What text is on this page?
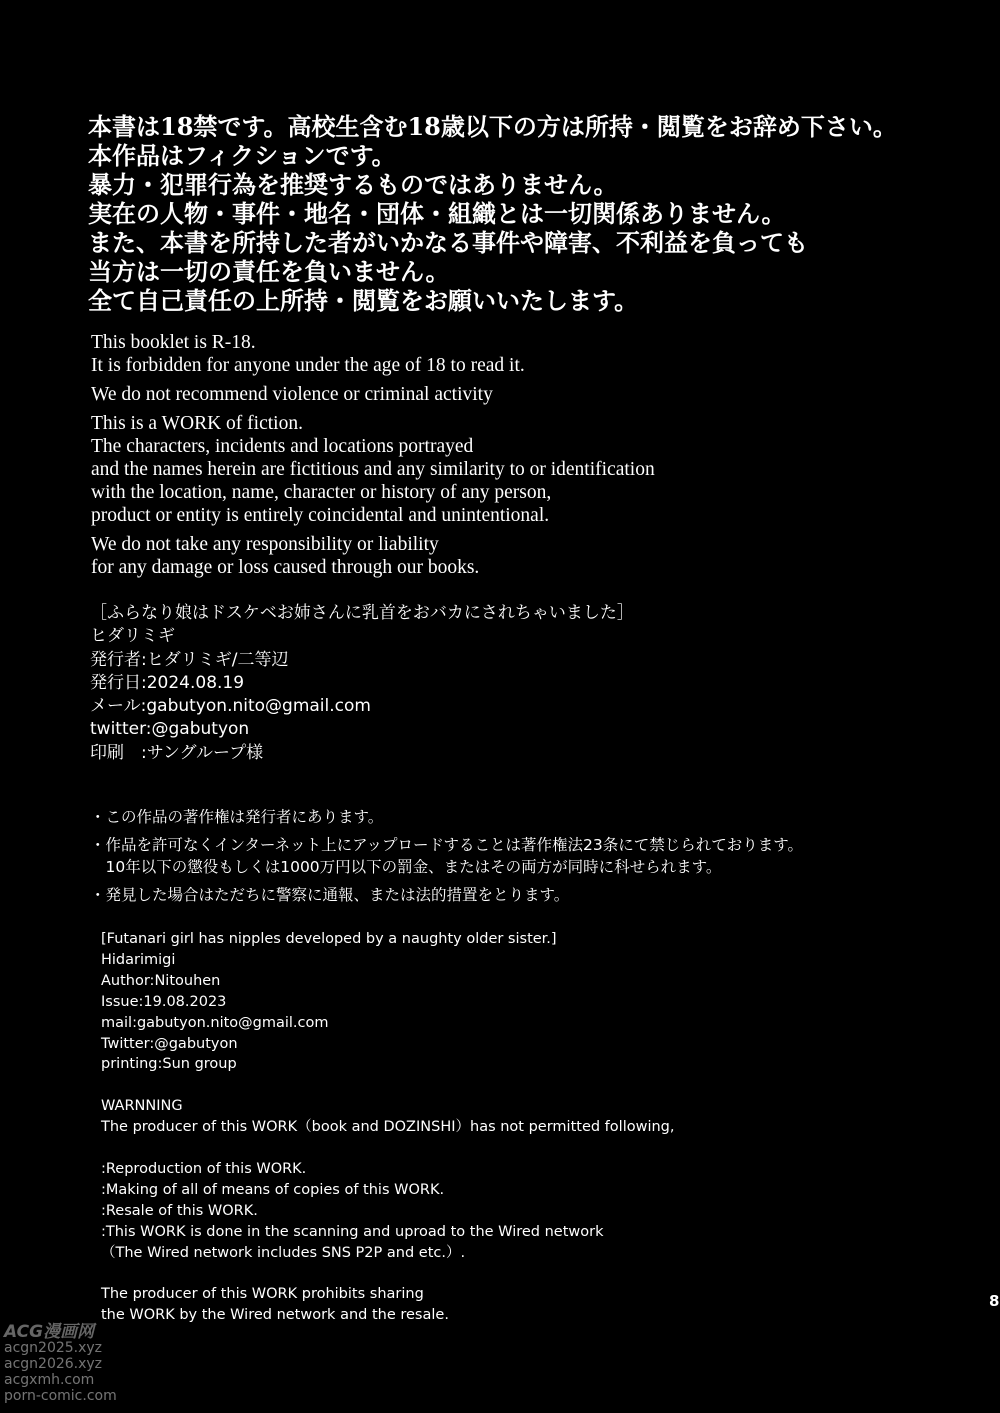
本書は18禁です。高校生含む18歳以下の方は所持・閲覧をお辞め下さい。
本作品はフィクションです。
暴力・犯罪行為を推奨するものではありません。
実在の人物・事件・地名・団体・組織とは一切関係ありません。
また、本書を所持した者がいかなる事件や障害、不利益を負っても
当方は一切の責任を負いません。
全て自己責任の上所持・閲覧をお願いいたします。
This booklet is R-18.
It is forbidden for anyone under the age of 18 to read it.
We do not recommend violence or criminal activity
This is a WORK of fiction.
The characters, incidents and locations portrayed
and the names herein are fictitious and any similarity to or identification
with the location, name, character or history of any person,
product or entity is entirely coincidental and unintentional.
We do not take any responsibility or liability
for any damage or loss caused through our books.
［ふらなり娘はドスケベお姉さんに乳首をおバカにされちゃいました］
ヒダリミギ
発行者:ヒダリミギ/二等辺
発行日:2024.08.19
メール:gabutyon.nito@gmail.com
twitter:@gabutyon
印刷　:サングループ様
・この作品の著作権は発行者にあります。
・作品を許可なくインターネット上にアップロードすることは著作権法23条にて禁じられております。
　10年以下の懲役もしくは1000万円以下の罰金、またはその両方が同時に科せられます。
・発見した場合はただちに警察に通報、または法的措置をとります。
[Futanari girl has nipples developed by a naughty older sister.]
Hidarimigi
Author:Nitouhen
Issue:19.08.2023
mail:gabutyon.nito@gmail.com
Twitter:@gabutyon
printing:Sun group
WARNNING
The producer of this WORK（book and DOZINSHI）has not permitted following,
:Reproduction of this WORK.
:Making of all of means of copies of this WORK.
:Resale of this WORK.
:This WORK is done in the scanning and uproad to the Wired network
（The Wired network includes SNS P2P and etc.）.
The producer of this WORK prohibits sharing
the WORK by the Wired network and the resale.
8
ACG漫画网
acgn2025.xyz
acgn2026.xyz
acgxmh.com
porn-comic.com
